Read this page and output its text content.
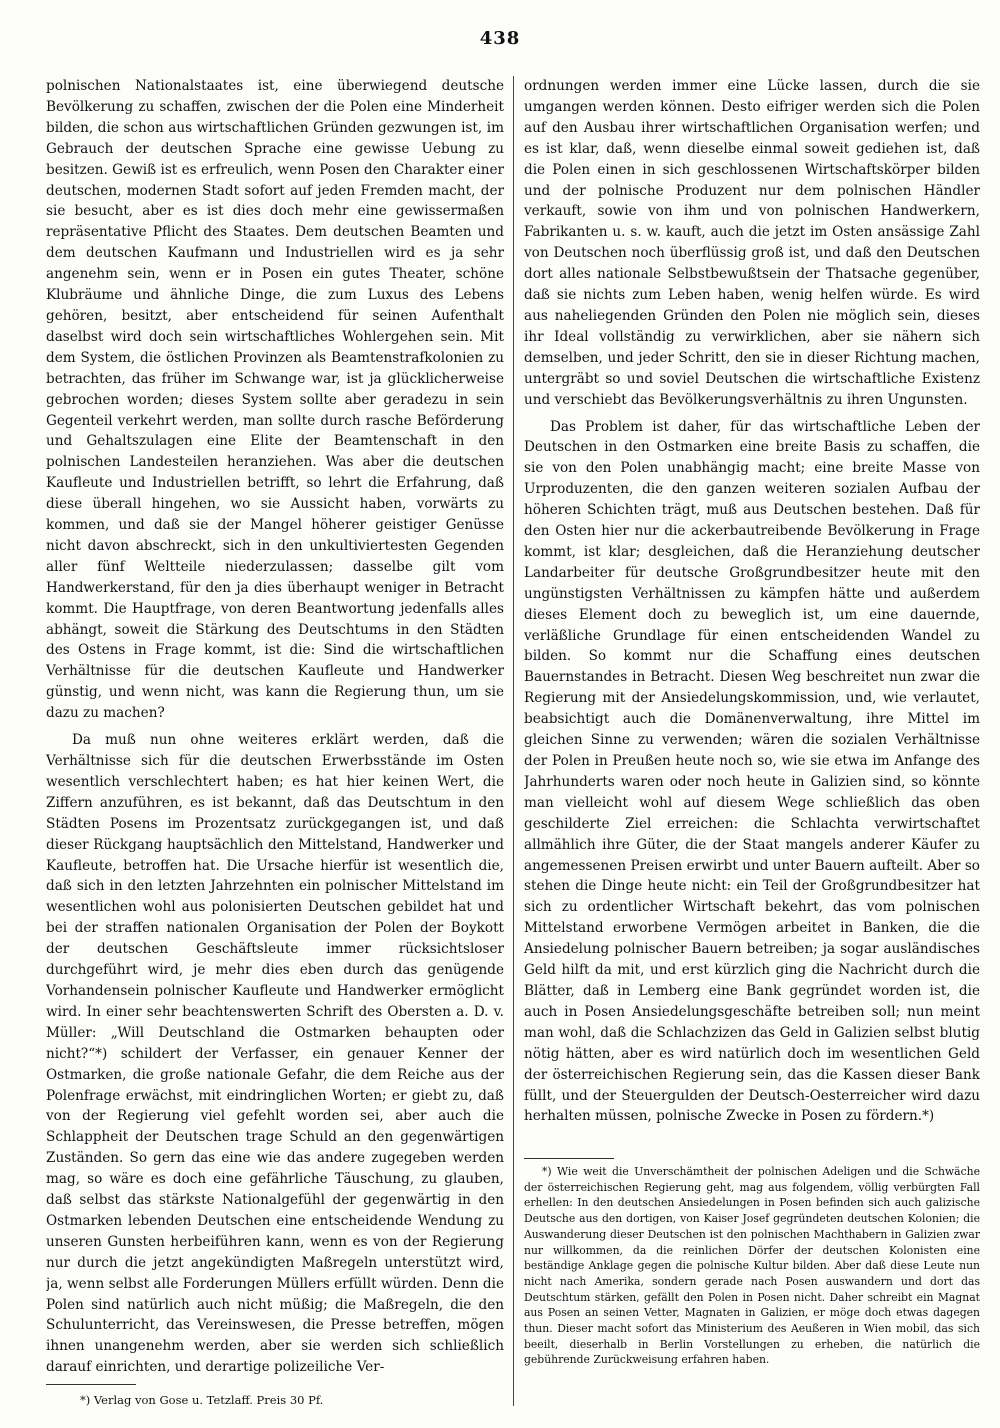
438

polnischen Nationalstaates ist, eine überwiegend deutsche Bevölkerung zu schaffen, zwischen der die Polen eine Minderheit bilden, die schon aus wirtschaftlichen Gründen gezwungen ist, im Gebrauch der deutschen Sprache eine gewisse Uebung zu besitzen. Gewiß ist es erfreulich, wenn Posen den Charakter einer deutschen, modernen Stadt sofort auf jeden Fremden macht, der sie besucht, aber es ist dies doch mehr eine gewissermaßen repräsentative Pflicht des Staates. Dem deutschen Beamten und dem deutschen Kaufmann und Industriellen wird es ja sehr angenehm sein, wenn er in Posen ein gutes Theater, schöne Klubräume und ähnliche Dinge, die zum Luxus des Lebens gehören, besitzt, aber entscheidend für seinen Aufenthalt daselbst wird doch sein wirtschaftliches Wohlergehen sein. Mit dem System, die östlichen Provinzen als Beamtenstrafkolonien zu betrachten, das früher im Schwange war, ist ja glücklicherweise gebrochen worden; dieses System sollte aber geradezu in sein Gegenteil verkehrt werden, man sollte durch rasche Beförderung und Gehaltszulagen eine Elite der Beamtenschaft in den polnischen Landesteilen heranziehen. Was aber die deutschen Kaufleute und Industriellen betrifft, so lehrt die Erfahrung, daß diese überall hingehen, wo sie Aussicht haben, vorwärts zu kommen, und daß sie der Mangel höherer geistiger Genüsse nicht davon abschreckt, sich in den unkultiviertesten Gegenden aller fünf Weltteile niederzulassen; dasselbe gilt vom Handwerkerstand, für den ja dies überhaupt weniger in Betracht kommt. Die Hauptfrage, von deren Beantwortung jedenfalls alles abhängt, soweit die Stärkung des Deutschtums in den Städten des Ostens in Frage kommt, ist die: Sind die wirtschaftlichen Verhältnisse für die deutschen Kaufleute und Handwerker günstig, und wenn nicht, was kann die Regierung thun, um sie dazu zu machen?

Da muß nun ohne weiteres erklärt werden, daß die Verhältnisse sich für die deutschen Erwerbsstände im Osten wesentlich verschlechtert haben; es hat hier keinen Wert, die Ziffern anzuführen, es ist bekannt, daß das Deutschtum in den Städten Posens im Prozentsatz zurückgegangen ist, und daß dieser Rückgang hauptsächlich den Mittelstand, Handwerker und Kaufleute, betroffen hat. Die Ursache hierfür ist wesentlich die, daß sich in den letzten Jahrzehnten ein polnischer Mittelstand im wesentlichen wohl aus polonisierten Deutschen gebildet hat und bei der straffen nationalen Organisation der Polen der Boykott der deutschen Geschäftsleute immer rücksichtsloser durchgeführt wird, je mehr dies eben durch das genügende Vorhandensein polnischer Kaufleute und Handwerker ermöglicht wird. In einer sehr beachtenswerten Schrift des Obersten a. D. v. Müller: „Will Deutschland die Ostmarken behaupten oder nicht?“*) schildert der Verfasser, ein genauer Kenner der Ostmarken, die große nationale Gefahr, die dem Reiche aus der Polenfrage erwächst, mit eindringlichen Worten; er giebt zu, daß von der Regierung viel gefehlt worden sei, aber auch die Schlappheit der Deutschen trage Schuld an den gegenwärtigen Zuständen. So gern das eine wie das andere zugegeben werden mag, so wäre es doch eine gefährliche Täuschung, zu glauben, daß selbst das stärkste Nationalgefühl der gegenwärtig in den Ostmarken lebenden Deutschen eine entscheidende Wendung zu unseren Gunsten herbeiführen kann, wenn es von der Regierung nur durch die jetzt angekündigten Maßregeln unterstützt wird, ja, wenn selbst alle Forderungen Müllers erfüllt würden. Denn die Polen sind natürlich auch nicht müßig; die Maßregeln, die den Schulunterricht, das Vereinswesen, die Presse betreffen, mögen ihnen unangenehm werden, aber sie werden sich schließlich darauf einrichten, und derartige polizeiliche Ver-

ordnungen werden immer eine Lücke lassen, durch die sie umgangen werden können. Desto eifriger werden sich die Polen auf den Ausbau ihrer wirtschaftlichen Organisation werfen; und es ist klar, daß, wenn dieselbe einmal soweit gediehen ist, daß die Polen einen in sich geschlossenen Wirtschaftskörper bilden und der polnische Produzent nur dem polnischen Händler verkauft, sowie von ihm und von polnischen Handwerkern, Fabrikanten u. s. w. kauft, auch die jetzt im Osten ansässige Zahl von Deutschen noch überflüssig groß ist, und daß den Deutschen dort alles nationale Selbstbewußtsein der Thatsache gegenüber, daß sie nichts zum Leben haben, wenig helfen würde. Es wird aus naheliegenden Gründen den Polen nie möglich sein, dieses ihr Ideal vollständig zu verwirklichen, aber sie nähern sich demselben, und jeder Schritt, den sie in dieser Richtung machen, untergräbt so und soviel Deutschen die wirtschaftliche Existenz und verschiebt das Bevölkerungsverhältnis zu ihren Ungunsten.

Das Problem ist daher, für das wirtschaftliche Leben der Deutschen in den Ostmarken eine breite Basis zu schaffen, die sie von den Polen unabhängig macht; eine breite Masse von Urproduzenten, die den ganzen weiteren sozialen Aufbau der höheren Schichten trägt, muß aus Deutschen bestehen. Daß für den Osten hier nur die ackerbautreibende Bevölkerung in Frage kommt, ist klar; desgleichen, daß die Heranziehung deutscher Landarbeiter für deutsche Großgrundbesitzer heute mit den ungünstigsten Verhältnissen zu kämpfen hätte und außerdem dieses Element doch zu beweglich ist, um eine dauernde, verläßliche Grundlage für einen entscheidenden Wandel zu bilden. So kommt nur die Schaffung eines deutschen Bauernstandes in Betracht. Diesen Weg beschreitet nun zwar die Regierung mit der Ansiedelungskommission, und, wie verlautet, beabsichtigt auch die Domänenverwaltung, ihre Mittel im gleichen Sinne zu verwenden; wären die sozialen Verhältnisse der Polen in Preußen heute noch so, wie sie etwa im Anfange des Jahrhunderts waren oder noch heute in Galizien sind, so könnte man vielleicht wohl auf diesem Wege schließlich das oben geschilderte Ziel erreichen: die Schlachta verwirtschaftet allmählich ihre Güter, die der Staat mangels anderer Käufer zu angemessenen Preisen erwirbt und unter Bauern aufteilt. Aber so stehen die Dinge heute nicht: ein Teil der Großgrundbesitzer hat sich zu ordentlicher Wirtschaft bekehrt, das vom polnischen Mittelstand erworbene Vermögen arbeitet in Banken, die die Ansiedelung polnischer Bauern betreiben; ja sogar ausländisches Geld hilft da mit, und erst kürzlich ging die Nachricht durch die Blätter, daß in Lemberg eine Bank gegründet worden ist, die auch in Posen Ansiedelungsgeschäfte betreiben soll; nun meint man wohl, daß die Schlachzizen das Geld in Galizien selbst blutig nötig hätten, aber es wird natürlich doch im wesentlichen Geld der österreichischen Regierung sein, das die Kassen dieser Bank füllt, und der Steuergulden der Deutsch-Oesterreicher wird dazu herhalten müssen, polnische Zwecke in Posen zu fördern.*)

*) Verlag von Gose u. Tetzlaff. Preis 30 Pf.

*) Wie weit die Unverschämtheit der polnischen Adeligen und die Schwäche der österreichischen Regierung geht, mag aus folgendem, völlig verbürgten Fall erhellen: In den deutschen Ansiedelungen in Posen befinden sich auch galizische Deutsche aus den dortigen, von Kaiser Josef gegründeten deutschen Kolonien; die Auswanderung dieser Deutschen ist den polnischen Machthabern in Galizien zwar nur willkommen, da die reinlichen Dörfer der deutschen Kolonisten eine beständige Anklage gegen die polnische Kultur bilden. Aber daß diese Leute nun nicht nach Amerika, sondern gerade nach Posen auswandern und dort das Deutschtum stärken, gefällt den Polen in Posen nicht. Daher schreibt ein Magnat aus Posen an seinen Vetter, Magnaten in Galizien, er möge doch etwas dagegen thun. Dieser macht sofort das Ministerium des Aeußeren in Wien mobil, das sich beeilt, dieserhalb in Berlin Vorstellungen zu erheben, die natürlich die gebührende Zurückweisung erfahren haben.
